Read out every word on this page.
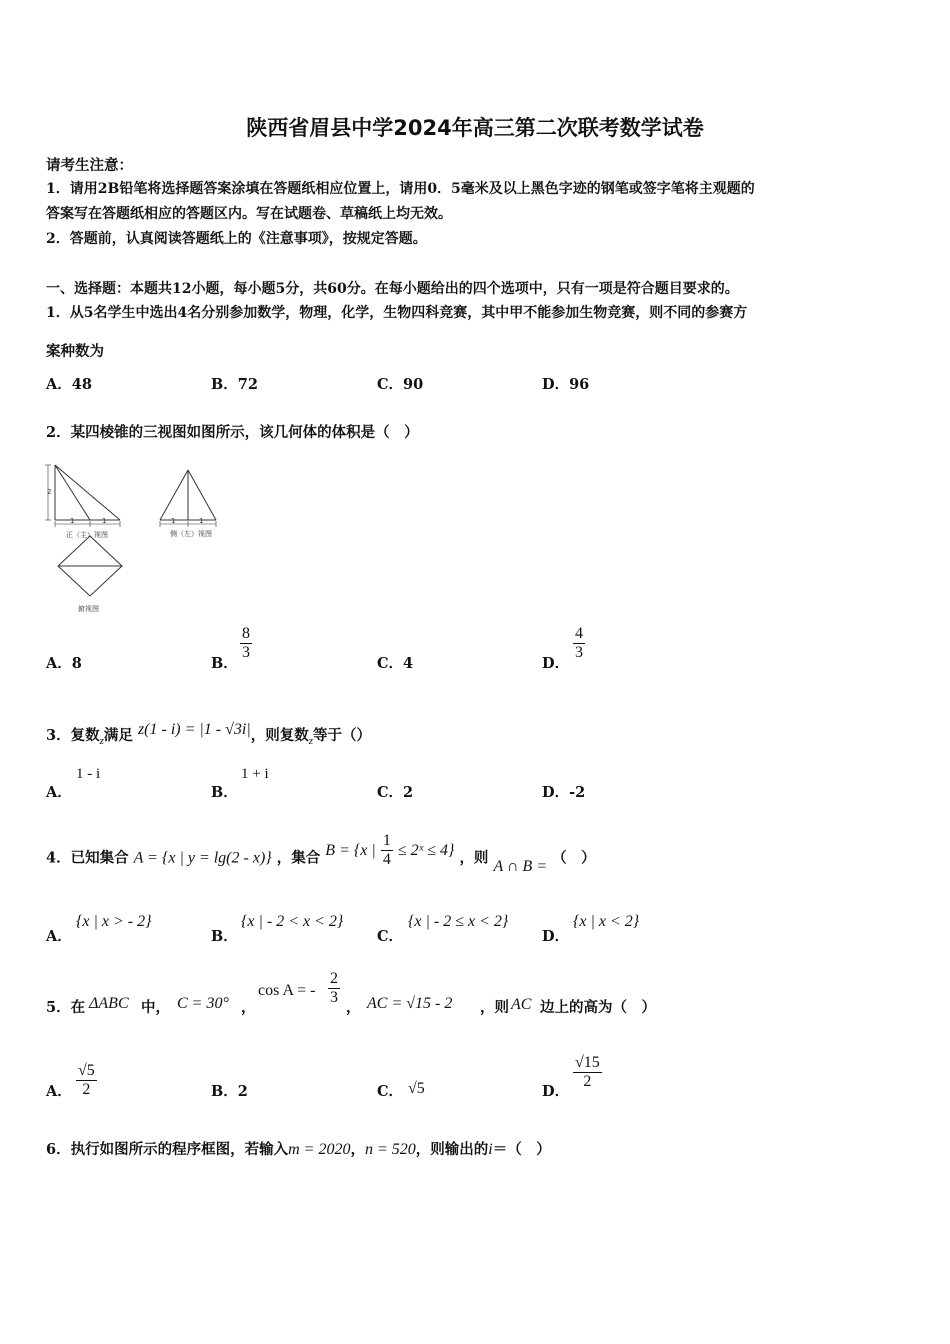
陕西省眉县中学2024年高三第二次联考数学试卷
请考生注意：
1．请用2B铅笔将选择题答案涂填在答题纸相应位置上，请用0．5毫米及以上黑色字迹的钢笔或签字笔将主观题的
答案写在答题纸相应的答题区内。写在试题卷、草稿纸上均无效。
2．答题前，认真阅读答题纸上的《注意事项》，按规定答题。
一、选择题：本题共12小题，每小题5分，共60分。在每小题给出的四个选项中，只有一项是符合题目要求的。
1．从5名学生中选出4名分别参加数学，物理，化学，生物四科竞赛，其中甲不能参加生物竞赛，则不同的参赛方
案种数为
A．48	B．72	C．90	D．96
2．某四棱锥的三视图如图所示，该几何体的体积是（　）
2
1	1
正（主）视图
1	1
侧（左）视图
俯视图
A．8	B．
$\frac{8}{3}$
C．4	D．
$\frac{4}{3}$
3．复数$_z$满足 z(1 - i) = |1 - √3i|，则复数$_z$等于（）
A．
1 - i
B．
1 + i
C．2	D．-2
4．已知集合 A = {x | y = lg(2 - x)} ，集合 B = {x | $\frac{1}{4}$ ≤ 2ˣ ≤ 4} ，则 A ∩ B = （　）
A．
{x | x > - 2}
B．
{x | - 2 < x < 2}
C．
{x | - 2 ≤ x < 2}
D．
{x | x < 2}
5．在 ΔABC 中， C = 30° ，
cos A = - $\frac{2}{3}$
， AC = √15 - 2 ，则 AC 边上的高为（　）
A． $\frac{√5}{2}$	B．2	C． √5	D．
$\frac{√15}{2}$
6．执行如图所示的程序框图，若输入m = 2020，n = 520，则输出的i＝（　）
